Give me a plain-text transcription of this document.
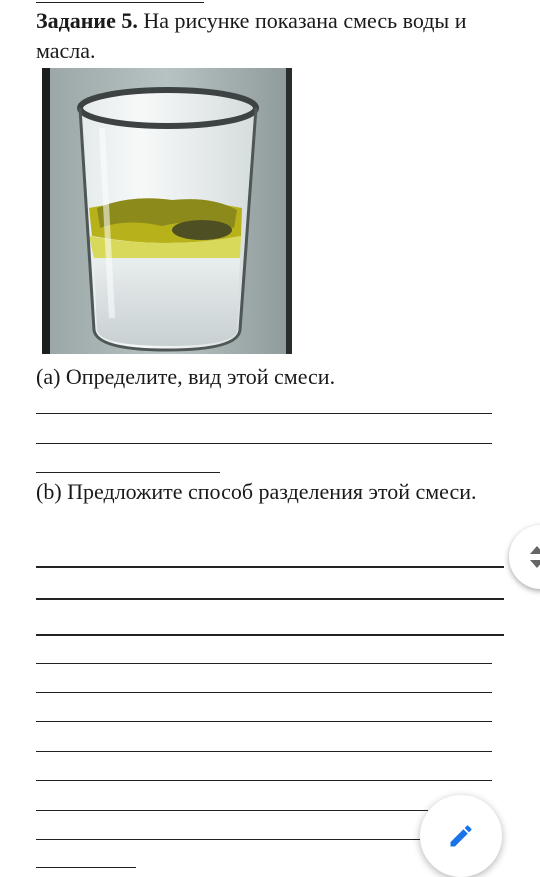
Задание 5. На рисунке показана смесь воды и масла.

(a) Определите, вид этой смеси.

(b) Предложите способ разделения этой смеси.
